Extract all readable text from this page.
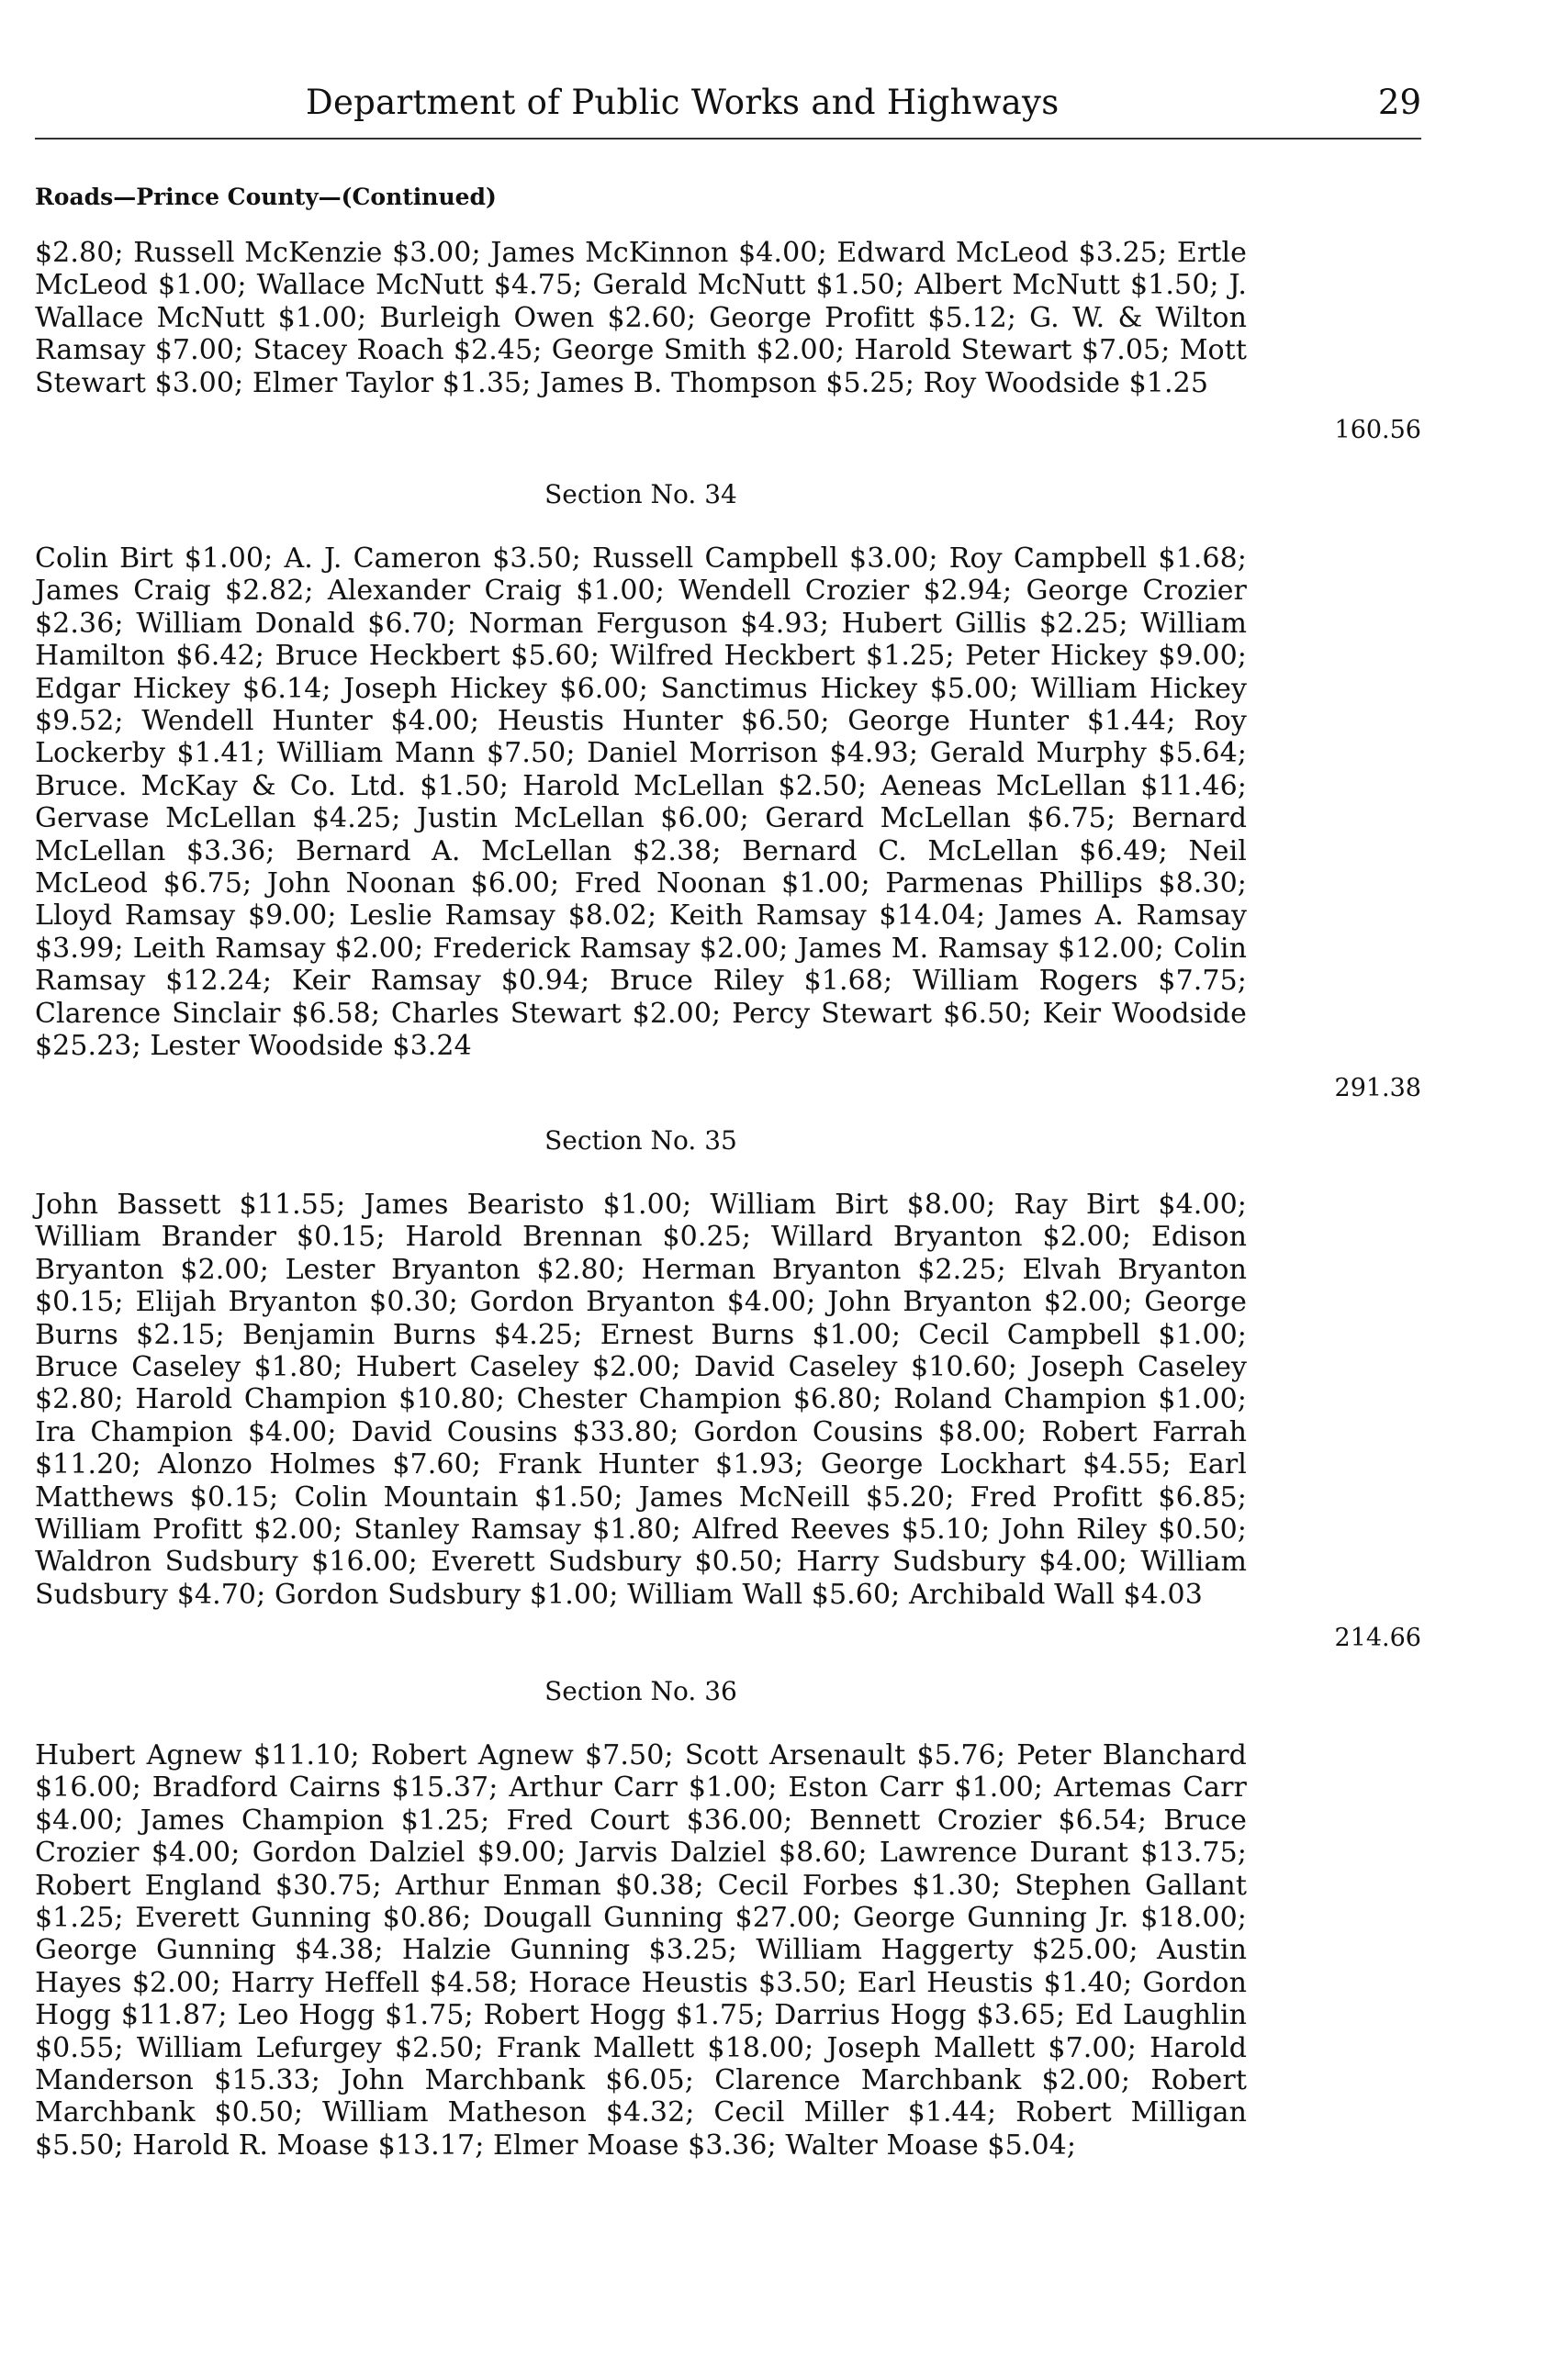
Department of Public Works and Highways	29
Roads—Prince County—(Continued)
$2.80; Russell McKenzie $3.00; James McKinnon $4.00; Edward McLeod $3.25; Ertle McLeod $1.00; Wallace McNutt $4.75; Gerald McNutt $1.50; Albert McNutt $1.50; J. Wallace McNutt $1.00; Burleigh Owen $2.60; George Profitt $5.12; G. W. & Wilton Ramsay $7.00; Stacey Roach $2.45; George Smith $2.00; Harold Stewart $7.05; Mott Stewart $3.00; Elmer Taylor $1.35; James B. Thompson $5.25; Roy Woodside $1.25
160.56
Section No. 34
Colin Birt $1.00; A. J. Cameron $3.50; Russell Campbell $3.00; Roy Campbell $1.68; James Craig $2.82; Alexander Craig $1.00; Wendell Crozier $2.94; George Crozier $2.36; William Donald $6.70; Norman Ferguson $4.93; Hubert Gillis $2.25; William Hamilton $6.42; Bruce Heckbert $5.60; Wilfred Heckbert $1.25; Peter Hickey $9.00; Edgar Hickey $6.14; Joseph Hickey $6.00; Sanctimus Hickey $5.00; William Hickey $9.52; Wendell Hunter $4.00; Heustis Hunter $6.50; George Hunter $1.44; Roy Lockerby $1.41; William Mann $7.50; Daniel Morrison $4.93; Gerald Murphy $5.64; Bruce. McKay & Co. Ltd. $1.50; Harold McLellan $2.50; Aeneas McLellan $11.46; Gervase McLellan $4.25; Justin McLellan $6.00; Gerard McLellan $6.75; Bernard McLellan $3.36; Bernard A. McLellan $2.38; Bernard C. McLellan $6.49; Neil McLeod $6.75; John Noonan $6.00; Fred Noonan $1.00; Parmenas Phillips $8.30; Lloyd Ramsay $9.00; Leslie Ramsay $8.02; Keith Ramsay $14.04; James A. Ramsay $3.99; Leith Ramsay $2.00; Frederick Ramsay $2.00; James M. Ramsay $12.00; Colin Ramsay $12.24; Keir Ramsay $0.94; Bruce Riley $1.68; William Rogers $7.75; Clarence Sinclair $6.58; Charles Stewart $2.00; Percy Stewart $6.50; Keir Woodside $25.23; Lester Woodside $3.24
291.38
Section No. 35
John Bassett $11.55; James Bearisto $1.00; William Birt $8.00; Ray Birt $4.00; William Brander $0.15; Harold Brennan $0.25; Willard Bryanton $2.00; Edison Bryanton $2.00; Lester Bryanton $2.80; Herman Bryanton $2.25; Elvah Bryanton $0.15; Elijah Bryanton $0.30; Gordon Bryanton $4.00; John Bryanton $2.00; George Burns $2.15; Benjamin Burns $4.25; Ernest Burns $1.00; Cecil Campbell $1.00; Bruce Caseley $1.80; Hubert Caseley $2.00; David Caseley $10.60; Joseph Caseley $2.80; Harold Champion $10.80; Chester Champion $6.80; Roland Champion $1.00; Ira Champion $4.00; David Cousins $33.80; Gordon Cousins $8.00; Robert Farrah $11.20; Alonzo Holmes $7.60; Frank Hunter $1.93; George Lockhart $4.55; Earl Matthews $0.15; Colin Mountain $1.50; James McNeill $5.20; Fred Profitt $6.85; William Profitt $2.00; Stanley Ramsay $1.80; Alfred Reeves $5.10; John Riley $0.50; Waldron Sudsbury $16.00; Everett Sudsbury $0.50; Harry Sudsbury $4.00; William Sudsbury $4.70; Gordon Sudsbury $1.00; William Wall $5.60; Archibald Wall $4.03
214.66
Section No. 36
Hubert Agnew $11.10; Robert Agnew $7.50; Scott Arsenault $5.76; Peter Blanchard $16.00; Bradford Cairns $15.37; Arthur Carr $1.00; Eston Carr $1.00; Artemas Carr $4.00; James Champion $1.25; Fred Court $36.00; Bennett Crozier $6.54; Bruce Crozier $4.00; Gordon Dalziel $9.00; Jarvis Dalziel $8.60; Lawrence Durant $13.75; Robert England $30.75; Arthur Enman $0.38; Cecil Forbes $1.30; Stephen Gallant $1.25; Everett Gunning $0.86; Dougall Gunning $27.00; George Gunning Jr. $18.00; George Gunning $4.38; Halzie Gunning $3.25; William Haggerty $25.00; Austin Hayes $2.00; Harry Heffell $4.58; Horace Heustis $3.50; Earl Heustis $1.40; Gordon Hogg $11.87; Leo Hogg $1.75; Robert Hogg $1.75; Darrius Hogg $3.65; Ed Laughlin $0.55; William Lefurgey $2.50; Frank Mallett $18.00; Joseph Mallett $7.00; Harold Manderson $15.33; John Marchbank $6.05; Clarence Marchbank $2.00; Robert Marchbank $0.50; William Matheson $4.32; Cecil Miller $1.44; Robert Milligan $5.50; Harold R. Moase $13.17; Elmer Moase $3.36; Walter Moase $5.04;
